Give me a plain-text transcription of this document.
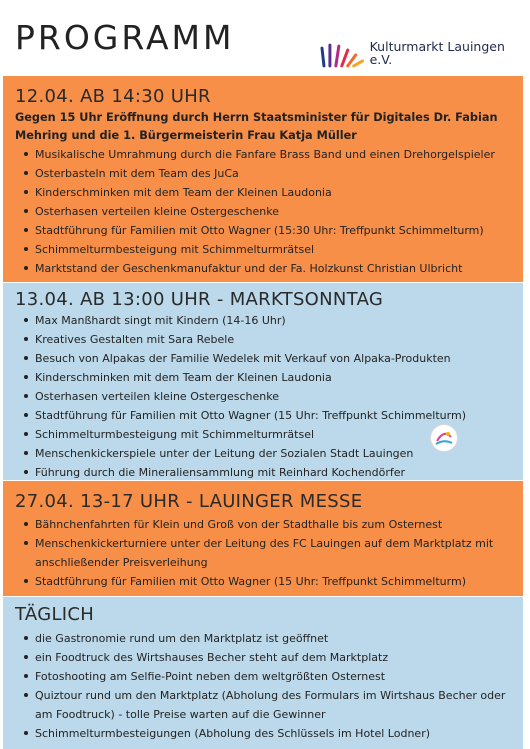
PROGRAMM	Kulturmarkt Lauingen e.V.
12.04. AB 14:30 UHR
Gegen 15 Uhr Eröffnung durch Herrn Staatsminister für Digitales Dr. Fabian Mehring und die 1. Bürgermeisterin Frau Katja Müller
Musikalische Umrahmung durch die Fanfare Brass Band und einen Drehorgelspieler
Osterbasteln mit dem Team des JuCa
Kinderschminken mit dem Team der Kleinen Laudonia
Osterhasen verteilen kleine Ostergeschenke
Stadtführung für Familien mit Otto Wagner (15:30 Uhr: Treffpunkt Schimmelturm)
Schimmelturmbesteigung mit Schimmelturmrätsel
Marktstand der Geschenkmanufaktur und der Fa. Holzkunst Christian Ulbricht
13.04. AB 13:00 UHR - MARKTSONNTAG
Max Manßhardt singt mit Kindern (14-16 Uhr)
Kreatives Gestalten mit Sara Rebele
Besuch von Alpakas der Familie Wedelek mit Verkauf von Alpaka-Produkten
Kinderschminken mit dem Team der Kleinen Laudonia
Osterhasen verteilen kleine Ostergeschenke
Stadtführung für Familien mit Otto Wagner (15 Uhr: Treffpunkt Schimmelturm)
Schimmelturmbesteigung mit Schimmelturmrätsel
Menschenkickerspiele unter der Leitung der Sozialen Stadt Lauingen
Führung durch die Mineraliensammlung mit Reinhard Kochendörfer
27.04. 13-17 UHR - LAUINGER MESSE
Bähnchenfahrten für Klein und Groß von der Stadthalle bis zum Osternest
Menschenkickerturniere unter der Leitung des FC Lauingen auf dem Marktplatz mit anschließender Preisverleihung
Stadtführung für Familien mit Otto Wagner (15 Uhr: Treffpunkt Schimmelturm)
TÄGLICH
die Gastronomie rund um den Marktplatz ist geöffnet
ein Foodtruck des Wirtshauses Becher steht auf dem Marktplatz
Fotoshooting am Selfie-Point neben dem weltgrößten Osternest
Quiztour rund um den Marktplatz (Abholung des Formulars im Wirtshaus Becher oder am Foodtruck) - tolle Preise warten auf die Gewinner
Schimmelturmbesteigungen (Abholung des Schlüssels im Hotel Lodner)
